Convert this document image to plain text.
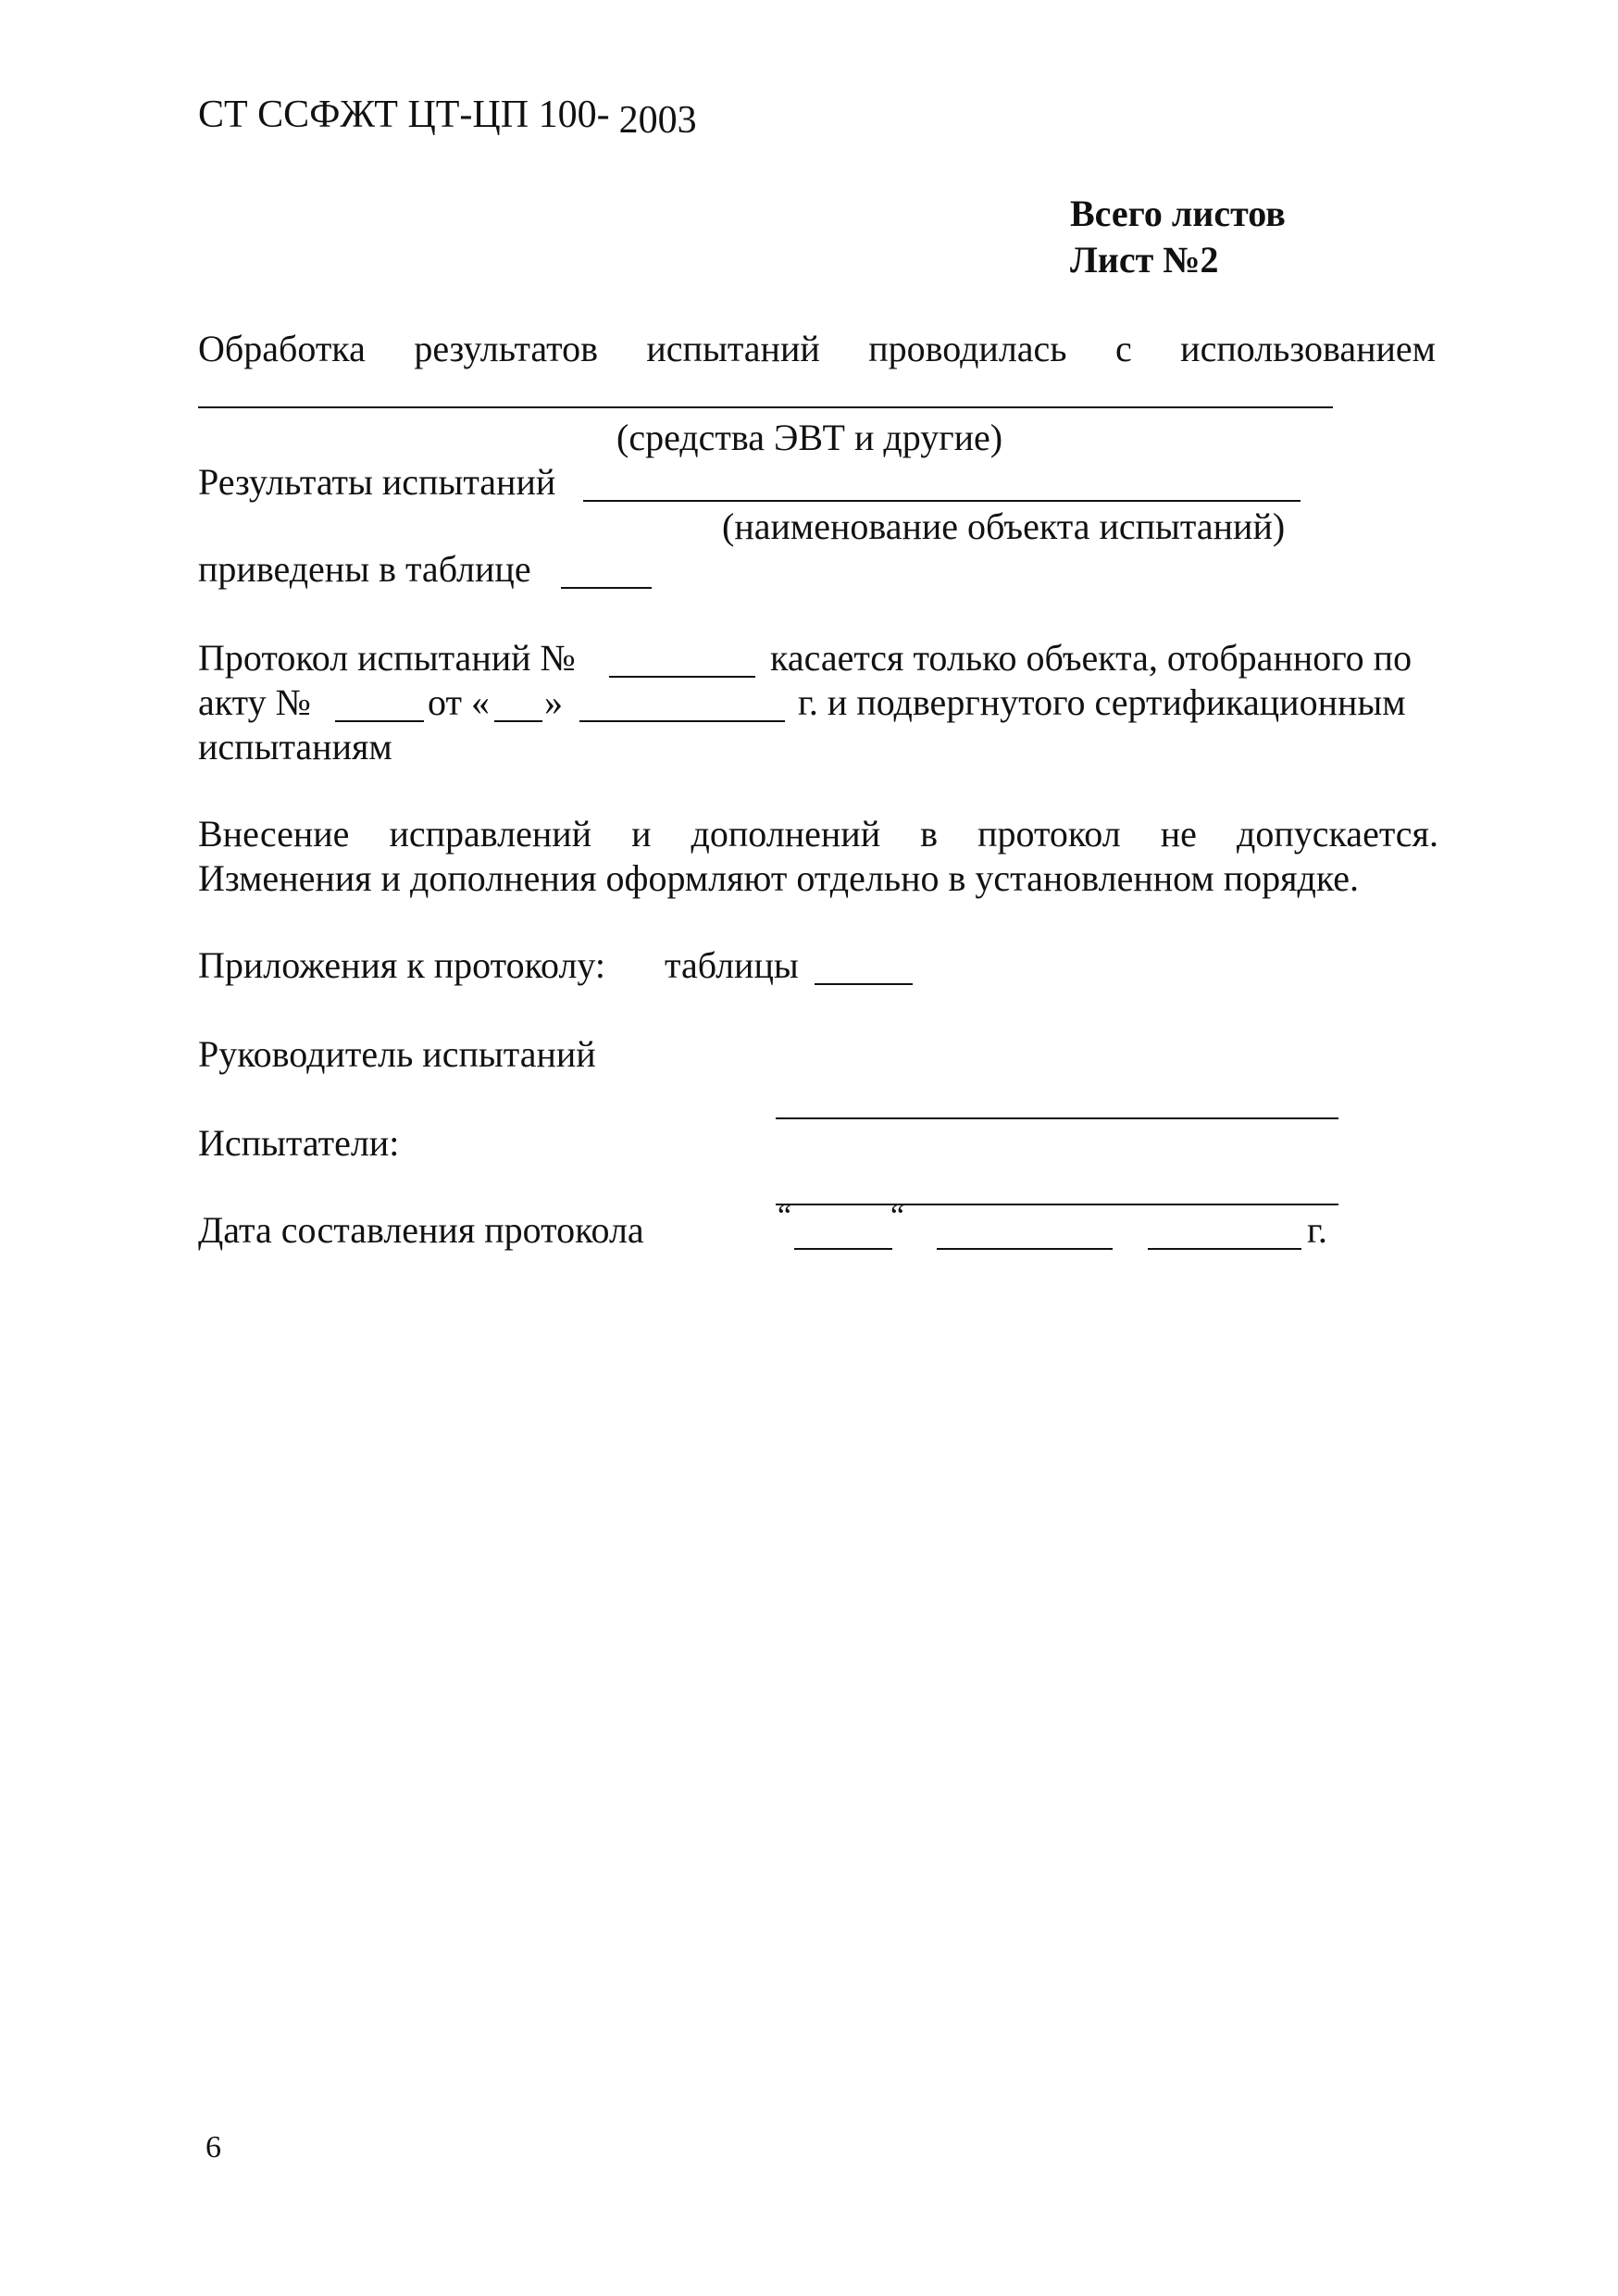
СТ ССФЖТ ЦТ-ЦП 100- 2003
Всего листов
Лист №2
Обработка результатов испытаний проводилась с использованием
(средства ЭВТ и другие)
Результаты испытаний
(наименование объекта испытаний)
приведены в таблице
Протокол испытаний №	касается только объекта, отобранного по
акту №	от « »	г. и подвергнутого сертификационным
испытаниям
Внесение исправлений и дополнений в протокол не допускается.
Изменения и дополнения оформляют отдельно в установленном порядке.
Приложения к протоколу: таблицы
Руководитель испытаний
Испытатели:
Дата составления протокола	“	“	г.
6
